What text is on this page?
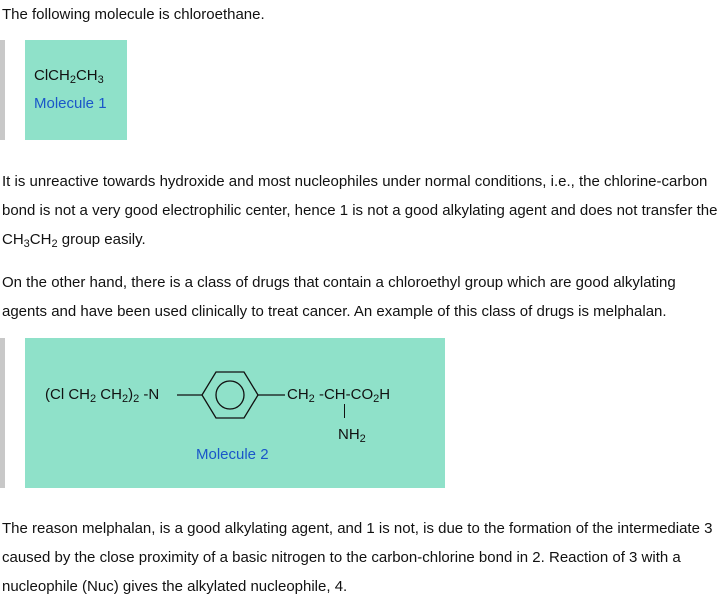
The following molecule is chloroethane.

$ClCH_2CH_3$
Molecule 1

It is unreactive towards hydroxide and most nucleophiles under normal conditions, i.e., the chlorine-carbon bond is not a very good electrophilic center, hence 1 is not a good alkylating agent and does not transfer the $CH_3CH_2$ group easily.

On the other hand, there is a class of drugs that contain a chloroethyl group which are good alkylating agents and have been used clinically to treat cancer. An example of this class of drugs is melphalan.

(Cl $CH_2$ $CH_2)_2$ -N	$CH_2$ $-CH-CO_2H$
$NH_2$
Molecule 2

The reason melphalan, is a good alkylating agent, and 1 is not, is due to the formation of the intermediate 3 caused by the close proximity of a basic nitrogen to the carbon-chlorine bond in 2. Reaction of 3 with a nucleophile (Nuc) gives the alkylated nucleophile, 4.
